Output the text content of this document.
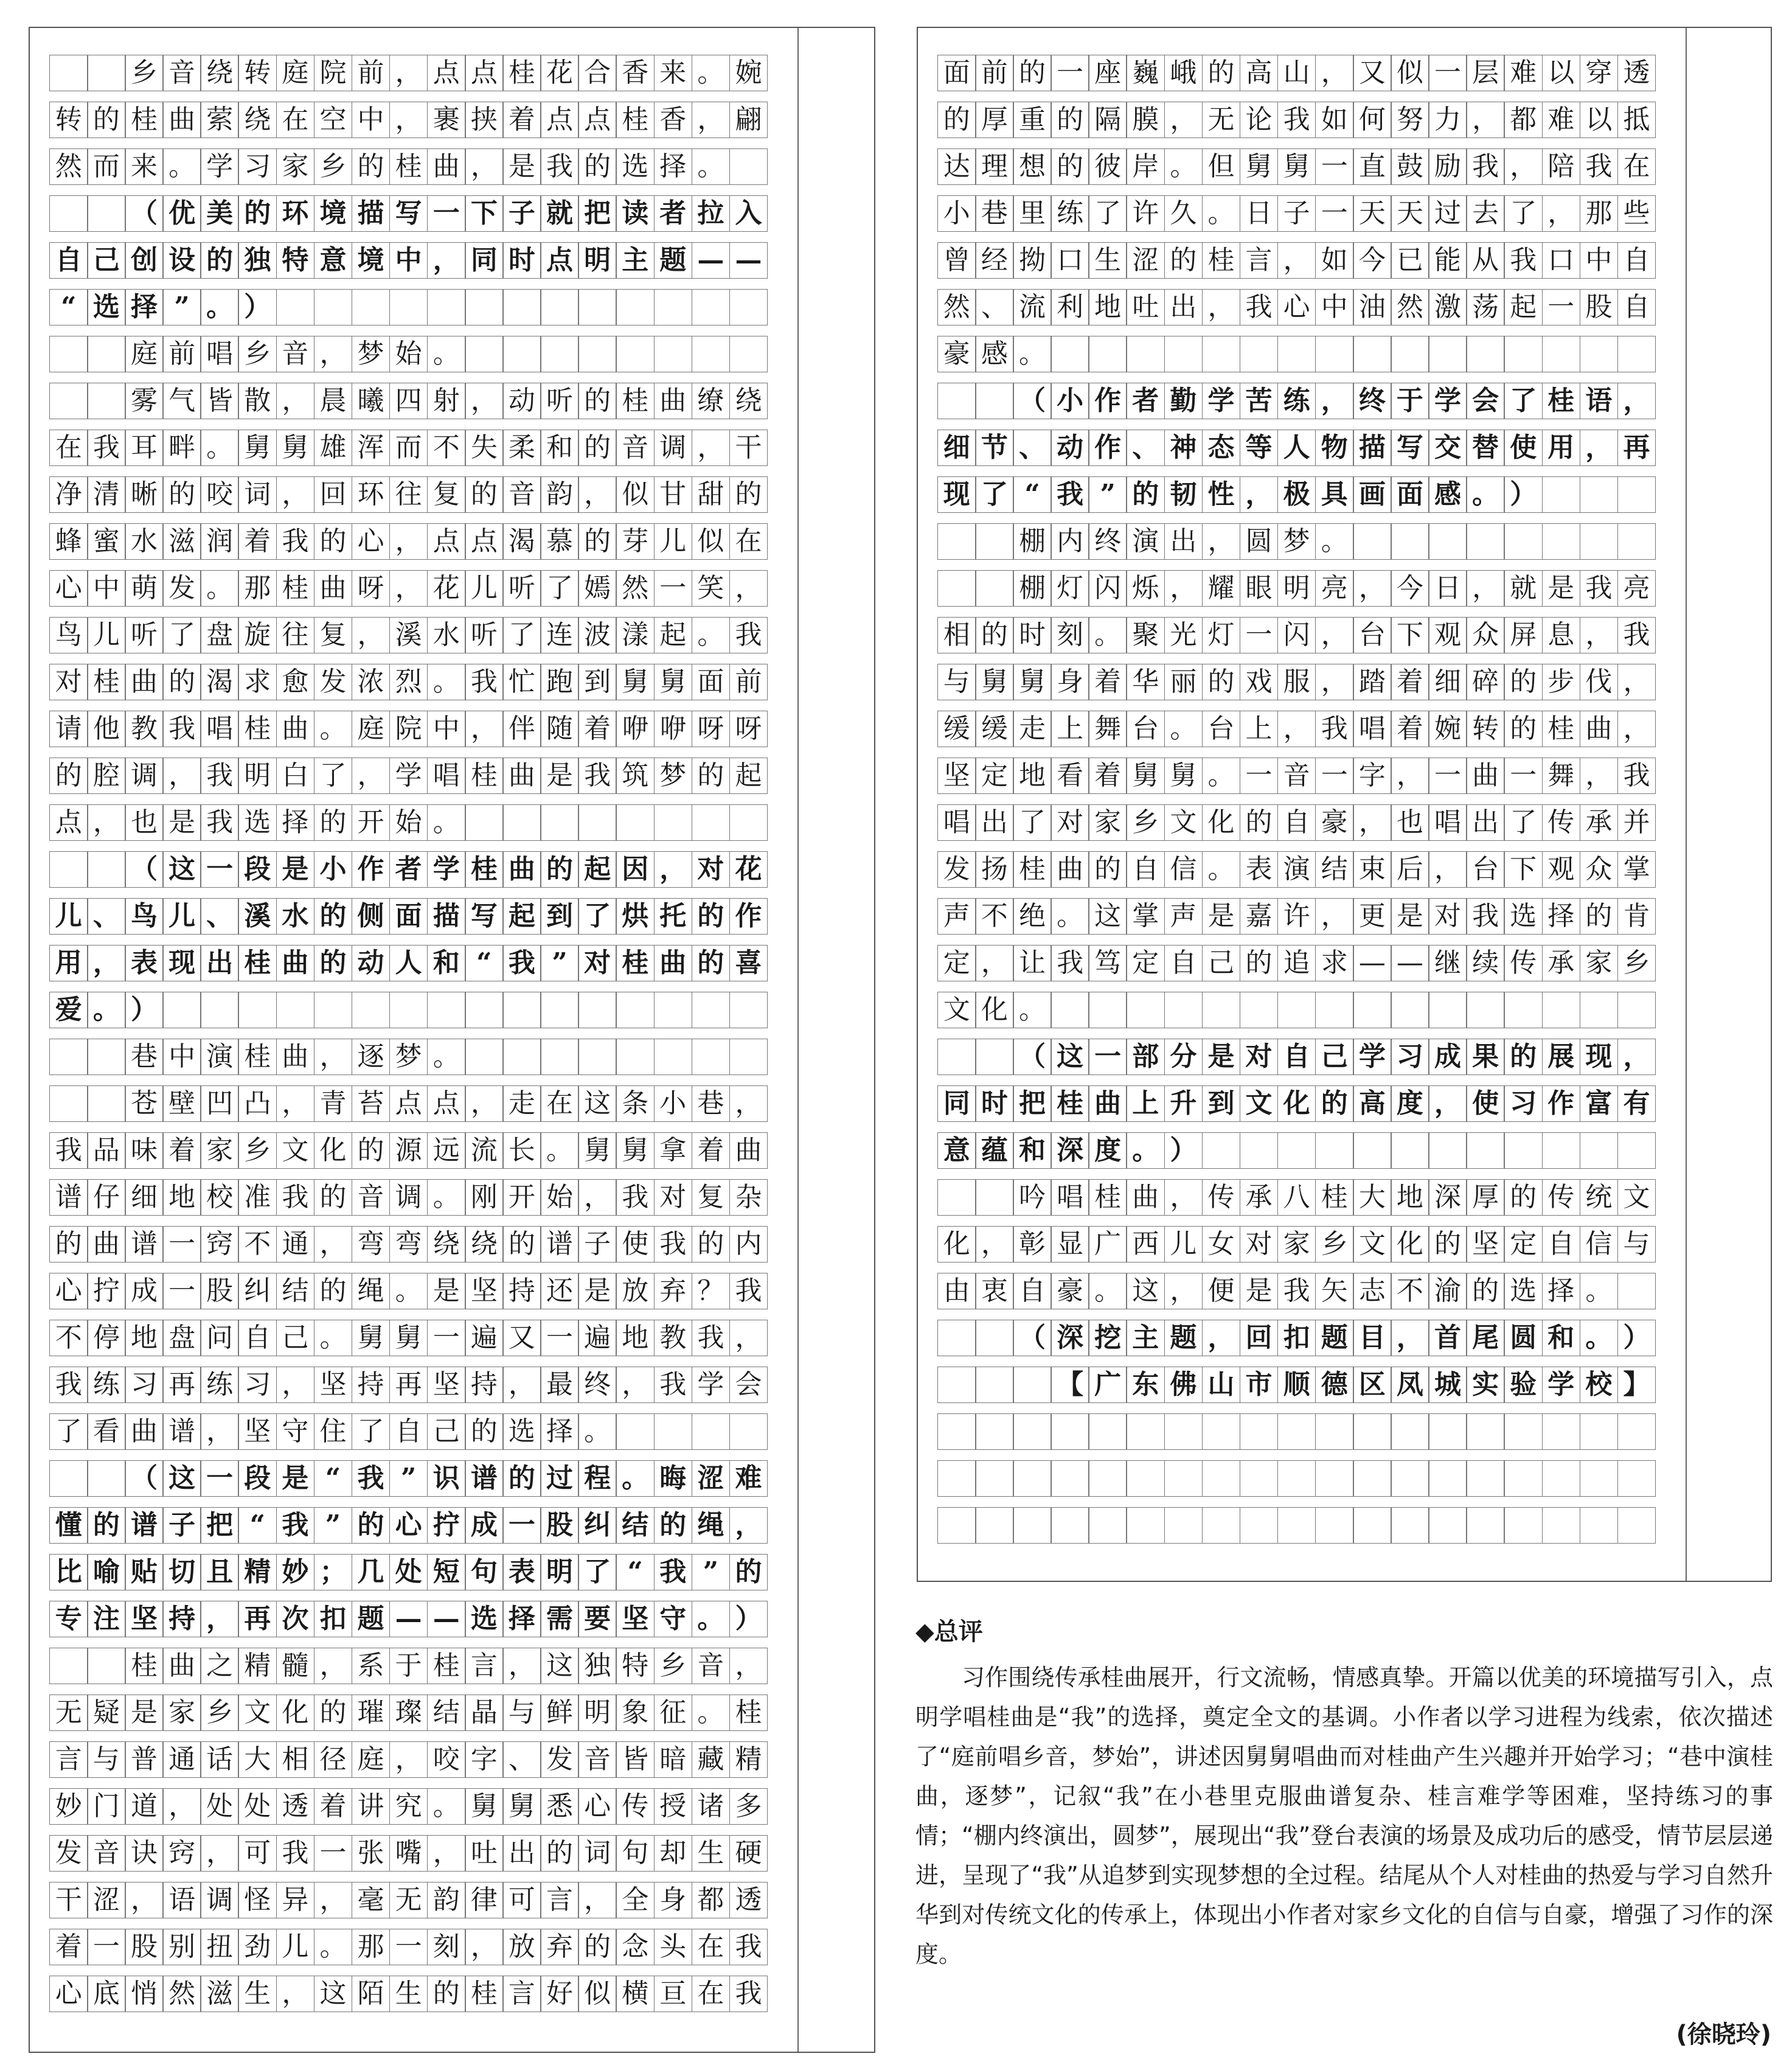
乡 音 绕 转 庭 院 前 ， 点 点 桂 花 合 香 来 。 婉
转 的 桂 曲 萦 绕 在 空 中 ， 裹 挟 着 点 点 桂 香 ， 翩
然 而 来 。 学 习 家 乡 的 桂 曲 ， 是 我 的 选 择 。
（ 优 美 的 环 境 描 写 一 下 子 就 把 读 者 拉 入
自 己 创 设 的 独 特 意 境 中 ， 同 时 点 明 主 题 — —
“ 选 择 ” 。 ）
庭 前 唱 乡 音 ， 梦 始 。
雾 气 皆 散 ， 晨 曦 四 射 ， 动 听 的 桂 曲 缭 绕
在 我 耳 畔 。 舅 舅 雄 浑 而 不 失 柔 和 的 音 调 ， 干
净 清 晰 的 咬 词 ， 回 环 往 复 的 音 韵 ， 似 甘 甜 的
蜂 蜜 水 滋 润 着 我 的 心 ， 点 点 渴 慕 的 芽 儿 似 在
心 中 萌 发 。 那 桂 曲 呀 ， 花 儿 听 了 嫣 然 一 笑 ，
鸟 儿 听 了 盘 旋 往 复 ， 溪 水 听 了 连 波 漾 起 。 我
对 桂 曲 的 渴 求 愈 发 浓 烈 。 我 忙 跑 到 舅 舅 面 前
请 他 教 我 唱 桂 曲 。 庭 院 中 ， 伴 随 着 咿 咿 呀 呀
的 腔 调 ， 我 明 白 了 ， 学 唱 桂 曲 是 我 筑 梦 的 起
点 ， 也 是 我 选 择 的 开 始 。
（ 这 一 段 是 小 作 者 学 桂 曲 的 起 因 ， 对 花
儿 、 鸟 儿 、 溪 水 的 侧 面 描 写 起 到 了 烘 托 的 作
用 ， 表 现 出 桂 曲 的 动 人 和 “ 我 ” 对 桂 曲 的 喜
爱 。 ）
巷 中 演 桂 曲 ， 逐 梦 。
苍 壁 凹 凸 ， 青 苔 点 点 ， 走 在 这 条 小 巷 ，
我 品 味 着 家 乡 文 化 的 源 远 流 长 。 舅 舅 拿 着 曲
谱 仔 细 地 校 准 我 的 音 调 。 刚 开 始 ， 我 对 复 杂
的 曲 谱 一 窍 不 通 ， 弯 弯 绕 绕 的 谱 子 使 我 的 内
心 拧 成 一 股 纠 结 的 绳 。 是 坚 持 还 是 放 弃 ？ 我
不 停 地 盘 问 自 己 。 舅 舅 一 遍 又 一 遍 地 教 我 ，
我 练 习 再 练 习 ， 坚 持 再 坚 持 ， 最 终 ， 我 学 会
了 看 曲 谱 ， 坚 守 住 了 自 己 的 选 择 。
（ 这 一 段 是 “ 我 ” 识 谱 的 过 程 。 晦 涩 难
懂 的 谱 子 把 “ 我 ” 的 心 拧 成 一 股 纠 结 的 绳 ，
比 喻 贴 切 且 精 妙 ； 几 处 短 句 表 明 了 “ 我 ” 的
专 注 坚 持 ， 再 次 扣 题 — — 选 择 需 要 坚 守 。 ）
桂 曲 之 精 髓 ， 系 于 桂 言 ， 这 独 特 乡 音 ，
无 疑 是 家 乡 文 化 的 璀 璨 结 晶 与 鲜 明 象 征 。 桂
言 与 普 通 话 大 相 径 庭 ， 咬 字 、 发 音 皆 暗 藏 精
妙 门 道 ， 处 处 透 着 讲 究 。 舅 舅 悉 心 传 授 诸 多
发 音 诀 窍 ， 可 我 一 张 嘴 ， 吐 出 的 词 句 却 生 硬
干 涩 ， 语 调 怪 异 ， 毫 无 韵 律 可 言 ， 全 身 都 透
着 一 股 别 扭 劲 儿 。 那 一 刻 ， 放 弃 的 念 头 在 我
心 底 悄 然 滋 生 ， 这 陌 生 的 桂 言 好 似 横 亘 在 我
面 前 的 一 座 巍 峨 的 高 山 ， 又 似 一 层 难 以 穿 透
的 厚 重 的 隔 膜 ， 无 论 我 如 何 努 力 ， 都 难 以 抵
达 理 想 的 彼 岸 。 但 舅 舅 一 直 鼓 励 我 ， 陪 我 在
小 巷 里 练 了 许 久 。 日 子 一 天 天 过 去 了 ， 那 些
曾 经 拗 口 生 涩 的 桂 言 ， 如 今 已 能 从 我 口 中 自
然 、 流 利 地 吐 出 ， 我 心 中 油 然 激 荡 起 一 股 自
豪 感 。
（ 小 作 者 勤 学 苦 练 ， 终 于 学 会 了 桂 语 ，
细 节 、 动 作 、 神 态 等 人 物 描 写 交 替 使 用 ， 再
现 了 “ 我 ” 的 韧 性 ， 极 具 画 面 感 。 ）
棚 内 终 演 出 ， 圆 梦 。
棚 灯 闪 烁 ， 耀 眼 明 亮 ， 今 日 ， 就 是 我 亮
相 的 时 刻 。 聚 光 灯 一 闪 ， 台 下 观 众 屏 息 ， 我
与 舅 舅 身 着 华 丽 的 戏 服 ， 踏 着 细 碎 的 步 伐 ，
缓 缓 走 上 舞 台 。 台 上 ， 我 唱 着 婉 转 的 桂 曲 ，
坚 定 地 看 着 舅 舅 。 一 音 一 字 ， 一 曲 一 舞 ， 我
唱 出 了 对 家 乡 文 化 的 自 豪 ， 也 唱 出 了 传 承 并
发 扬 桂 曲 的 自 信 。 表 演 结 束 后 ， 台 下 观 众 掌
声 不 绝 。 这 掌 声 是 嘉 许 ， 更 是 对 我 选 择 的 肯
定 ， 让 我 笃 定 自 己 的 追 求 — — 继 续 传 承 家 乡
文 化 。
（ 这 一 部 分 是 对 自 己 学 习 成 果 的 展 现 ，
同 时 把 桂 曲 上 升 到 文 化 的 高 度 ， 使 习 作 富 有
意 蕴 和 深 度 。 ）
吟 唱 桂 曲 ， 传 承 八 桂 大 地 深 厚 的 传 统 文
化 ， 彰 显 广 西 儿 女 对 家 乡 文 化 的 坚 定 自 信 与
由 衷 自 豪 。 这 ， 便 是 我 矢 志 不 渝 的 选 择 。
（ 深 挖 主 题 ， 回 扣 题 目 ， 首 尾 圆 和 。 ）
【 广 东 佛 山 市 顺 德 区 凤 城 实 验 学 校 】
◆总评

习作围绕传承桂曲展开，行文流畅，情感真挚。开篇以优美的环境描写引入，点明学唱桂曲是“我”的选择，奠定全文的基调。小作者以学习进程为线索，依次描述了“庭前唱乡音，梦始”，讲述因舅舅唱曲而对桂曲产生兴趣并开始学习；“巷中演桂曲，逐梦”，记叙“我”在小巷里克服曲谱复杂、桂言难学等困难，坚持练习的事情；“棚内终演出，圆梦”，展现出“我”登台表演的场景及成功后的感受，情节层层递进，呈现了“我”从追梦到实现梦想的全过程。结尾从个人对桂曲的热爱与学习自然升华到对传统文化的传承上，体现出小作者对家乡文化的自信与自豪，增强了习作的深度。

(徐晓玲)
